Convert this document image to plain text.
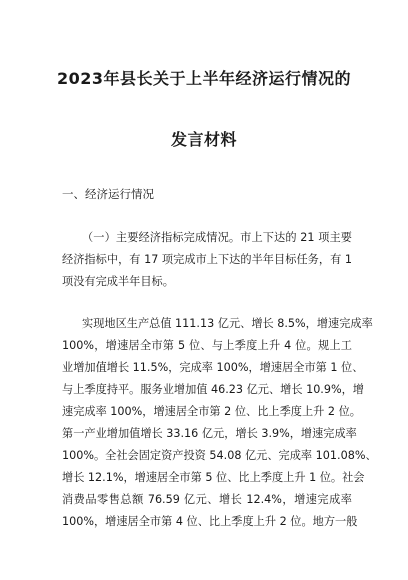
2023年县长关于上半年经济运行情况的
发言材料
一、经济运行情况
（一）主要经济指标完成情况。市上下达的 21 项主要
经济指标中，有 17 项完成市上下达的半年目标任务，有 1
项没有完成半年目标。
实现地区生产总值 111.13 亿元、增长 8.5%，增速完成率
100%，增速居全市第 5 位、与上季度上升 4 位。规上工
业增加值增长 11.5%，完成率 100%，增速居全市第 1 位、
与上季度持平。服务业增加值 46.23 亿元、增长 10.9%，增
速完成率 100%，增速居全市第 2 位、比上季度上升 2 位。
第一产业增加值增长 33.16 亿元，增长 3.9%，增速完成率
100%。全社会固定资产投资 54.08 亿元、完成率 101.08%、
增长 12.1%，增速居全市第 5 位、比上季度上升 1 位。社会
消费品零售总额 76.59 亿元、增长 12.4%，增速完成率
100%，增速居全市第 4 位、比上季度上升 2 位。地方一般
